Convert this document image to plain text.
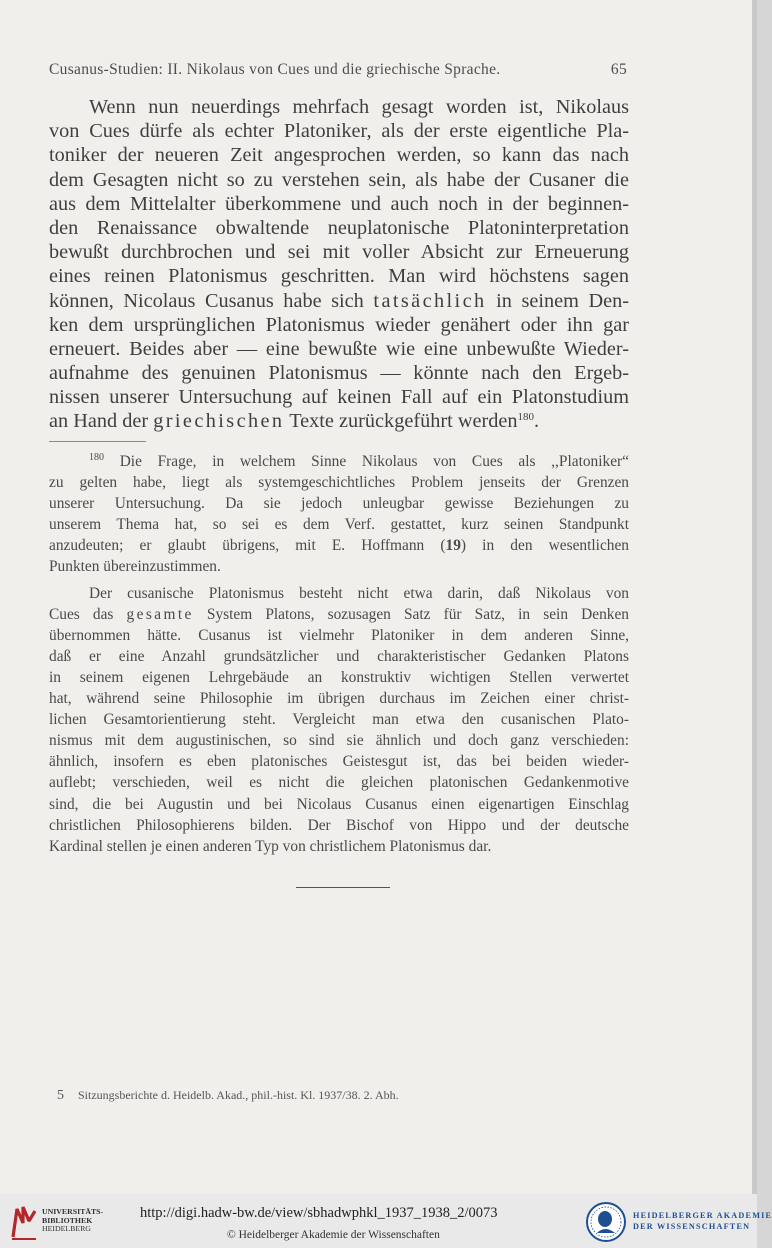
Cusanus-Studien: II. Nikolaus von Cues und die griechische Sprache.	65
Wenn nun neuerdings mehrfach gesagt worden ist, Nikolaus
von Cues dürfe als echter Platoniker, als der erste eigentliche Pla-
toniker der neueren Zeit angesprochen werden, so kann das nach
dem Gesagten nicht so zu verstehen sein, als habe der Cusaner die
aus dem Mittelalter überkommene und auch noch in der beginnen-
den Renaissance obwaltende neuplatonische Platoninterpretation
bewußt durchbrochen und sei mit voller Absicht zur Erneuerung
eines reinen Platonismus geschritten. Man wird höchstens sagen
können, Nicolaus Cusanus habe sich tatsächlich in seinem Den-
ken dem ursprünglichen Platonismus wieder genähert oder ihn gar
erneuert. Beides aber — eine bewußte wie eine unbewußte Wieder-
aufnahme des genuinen Platonismus — könnte nach den Ergeb-
nissen unserer Untersuchung auf keinen Fall auf ein Platonstudium
an Hand der griechischen Texte zurückgeführt werden$^{180}$.
$^{180}$ Die Frage, in welchem Sinne Nikolaus von Cues als ,,Platoniker“
zu gelten habe, liegt als systemgeschichtliches Problem jenseits der Grenzen
unserer Untersuchung. Da sie jedoch unleugbar gewisse Beziehungen zu
unserem Thema hat, so sei es dem Verf. gestattet, kurz seinen Standpunkt
anzudeuten; er glaubt übrigens, mit E. Hoffmann (19) in den wesentlichen
Punkten übereinzustimmen.
Der cusanische Platonismus besteht nicht etwa darin, daß Nikolaus von
Cues das gesamte System Platons, sozusagen Satz für Satz, in sein Denken
übernommen hätte. Cusanus ist vielmehr Platoniker in dem anderen Sinne,
daß er eine Anzahl grundsätzlicher und charakteristischer Gedanken Platons
in seinem eigenen Lehrgebäude an konstruktiv wichtigen Stellen verwertet
hat, während seine Philosophie im übrigen durchaus im Zeichen einer christ-
lichen Gesamtorientierung steht. Vergleicht man etwa den cusanischen Plato-
nismus mit dem augustinischen, so sind sie ähnlich und doch ganz verschieden:
ähnlich, insofern es eben platonisches Geistesgut ist, das bei beiden wieder-
auflebt; verschieden, weil es nicht die gleichen platonischen Gedankenmotive
sind, die bei Augustin und bei Nicolaus Cusanus einen eigenartigen Einschlag
christlichen Philosophierens bilden. Der Bischof von Hippo und der deutsche
Kardinal stellen je einen anderen Typ von christlichem Platonismus dar.
5 Sitzungsberichte d. Heidelb. Akad., phil.-hist. Kl. 1937/38. 2. Abh.
UNIVERSITÄTS-
BIBLIOTHEK
HEIDELBERG
http://digi.hadw-bw.de/view/sbhadwphkl_1937_1938_2/0073
© Heidelberger Akademie der Wissenschaften
HEIDELBERGER AKADEMIE
DER WISSENSCHAFTEN
